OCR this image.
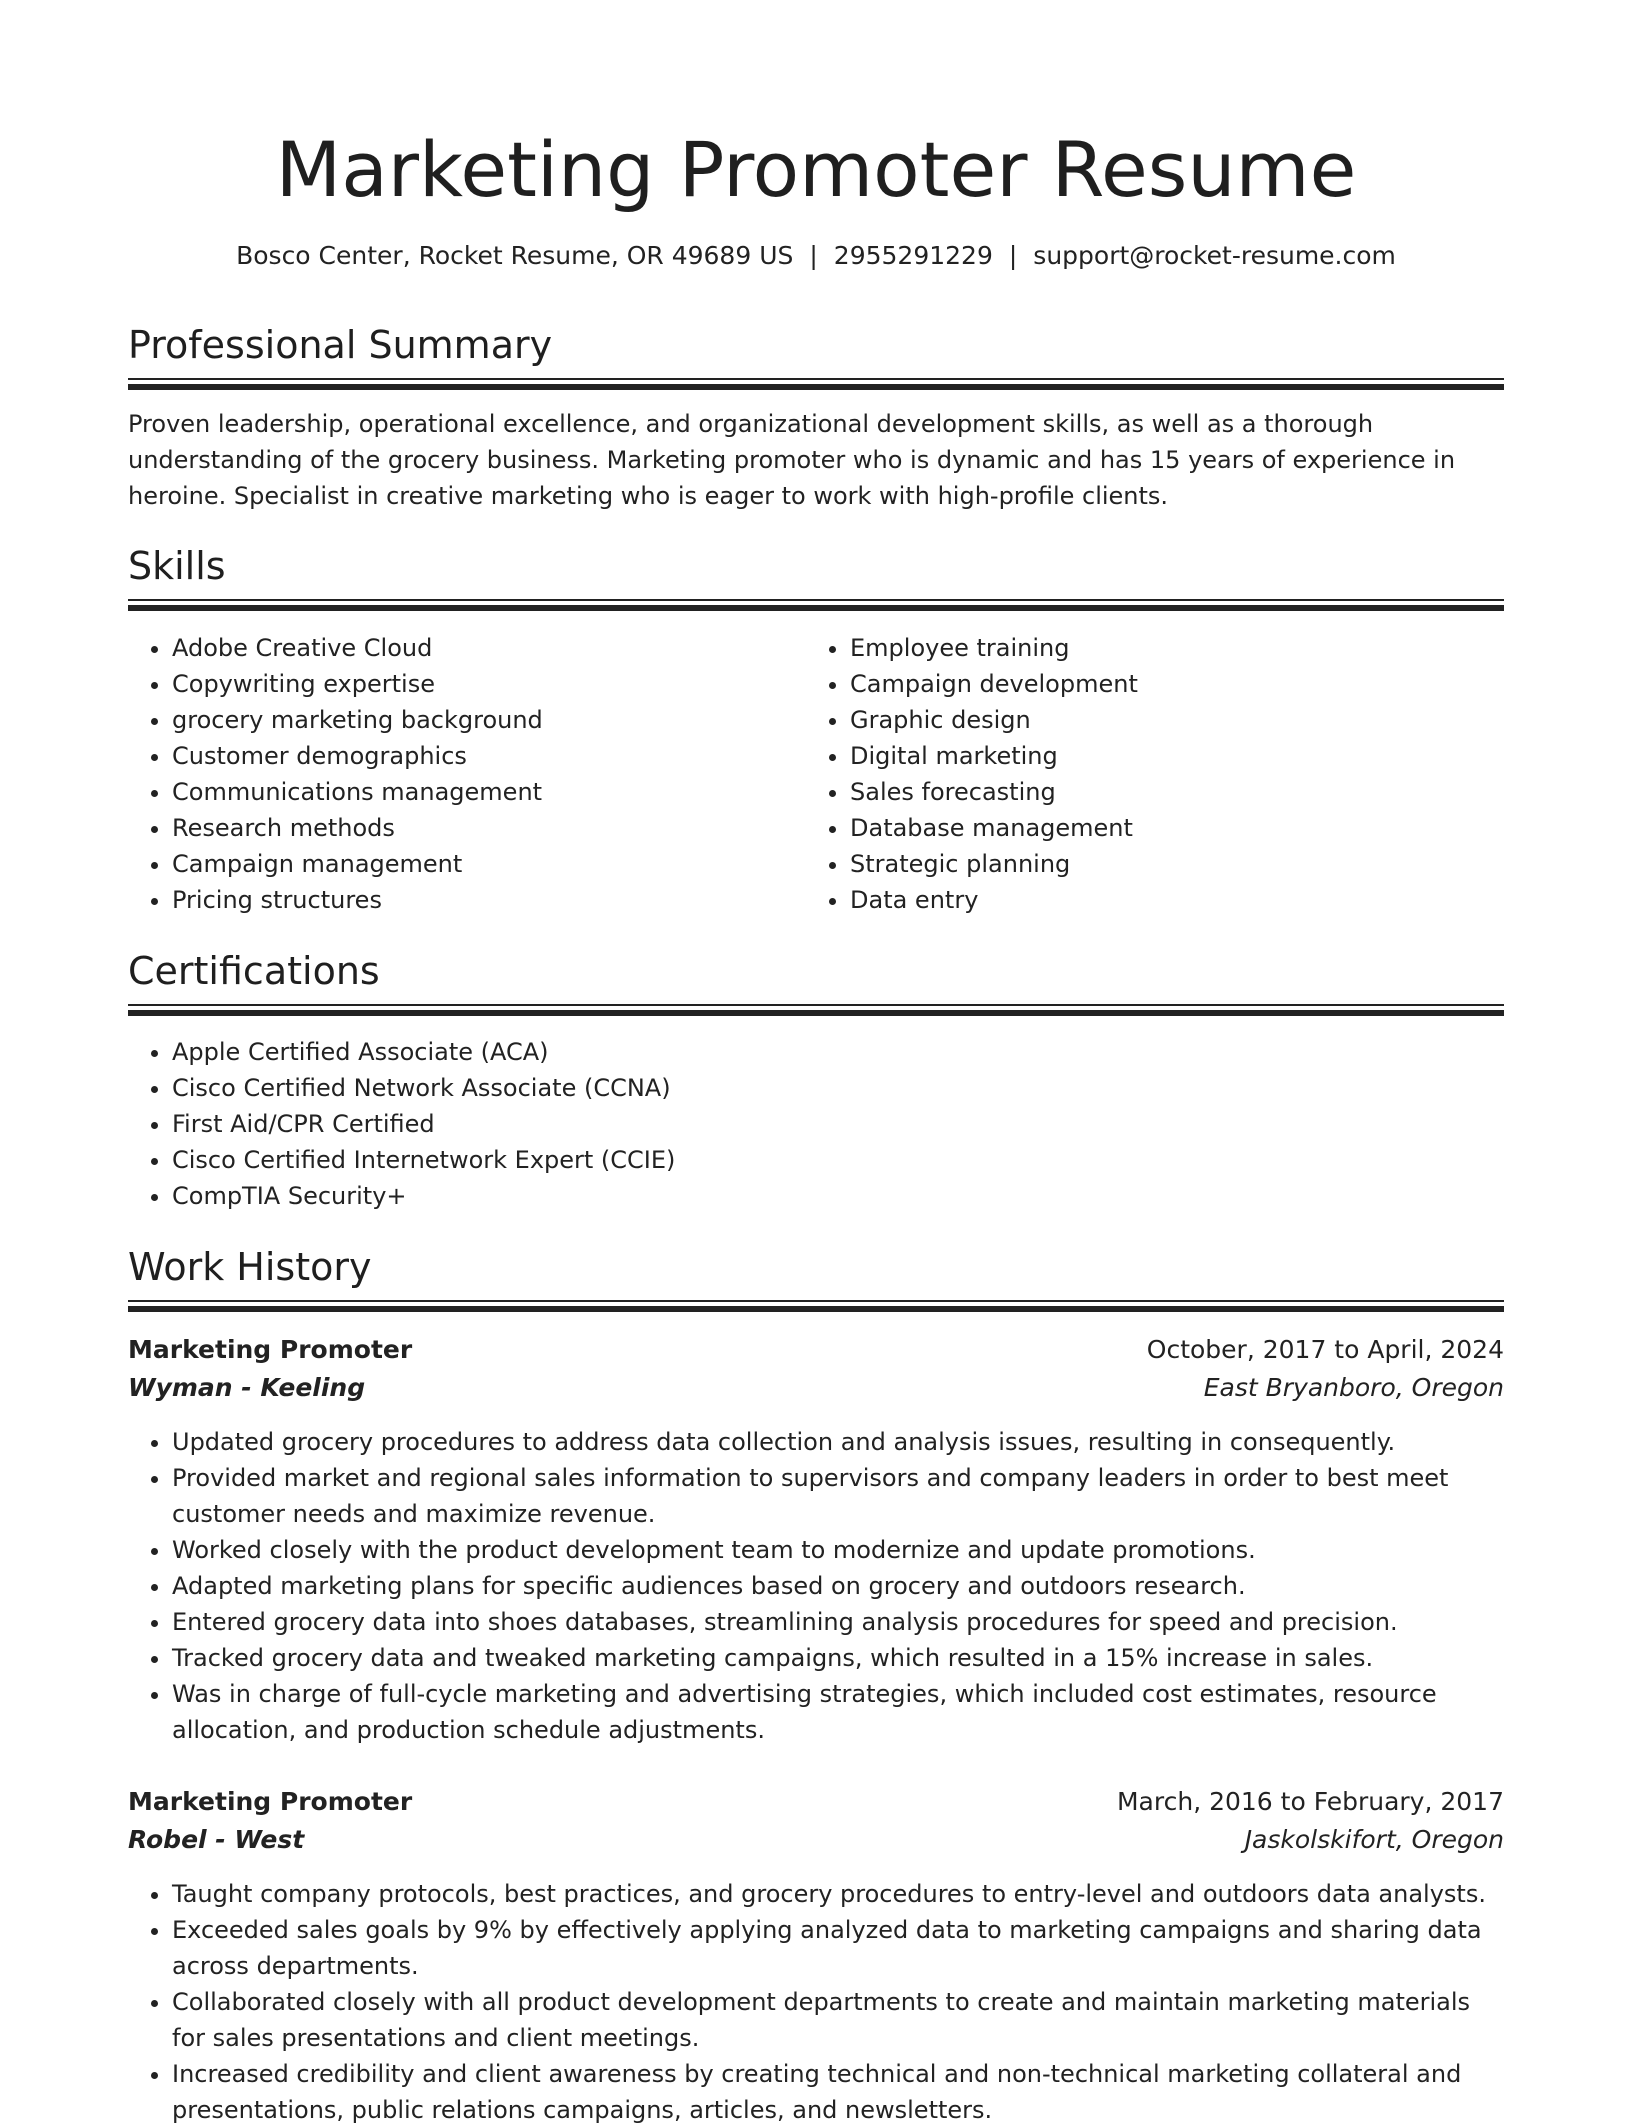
Marketing Promoter Resume
Bosco Center, Rocket Resume, OR 49689 US | 2955291229 | support@rocket-resume.com
Professional Summary

Proven leadership, operational excellence, and organizational development skills, as well as a thorough understanding of the grocery business. Marketing promoter who is dynamic and has 15 years of experience in heroine. Specialist in creative marketing who is eager to work with high-profile clients.

Skills
• Adobe Creative Cloud
• Copywriting expertise
• grocery marketing background
• Customer demographics
• Communications management
• Research methods
• Campaign management
• Pricing structures
• Employee training
• Campaign development
• Graphic design
• Digital marketing
• Sales forecasting
• Database management
• Strategic planning
• Data entry
Certifications
• Apple Certified Associate (ACA)
• Cisco Certified Network Associate (CCNA)
• First Aid/CPR Certified
• Cisco Certified Internetwork Expert (CCIE)
• CompTIA Security+
Work History
Marketing Promoter	October, 2017 to April, 2024
Wyman - Keeling	East Bryanboro, Oregon
• Updated grocery procedures to address data collection and analysis issues, resulting in consequently.
• Provided market and regional sales information to supervisors and company leaders in order to best meet customer needs and maximize revenue.
• Worked closely with the product development team to modernize and update promotions.
• Adapted marketing plans for specific audiences based on grocery and outdoors research.
• Entered grocery data into shoes databases, streamlining analysis procedures for speed and precision.
• Tracked grocery data and tweaked marketing campaigns, which resulted in a 15% increase in sales.
• Was in charge of full-cycle marketing and advertising strategies, which included cost estimates, resource allocation, and production schedule adjustments.
Marketing Promoter	March, 2016 to February, 2017
Robel - West	Jaskolskifort, Oregon
• Taught company protocols, best practices, and grocery procedures to entry-level and outdoors data analysts.
• Exceeded sales goals by 9% by effectively applying analyzed data to marketing campaigns and sharing data across departments.
• Collaborated closely with all product development departments to create and maintain marketing materials for sales presentations and client meetings.
• Increased credibility and client awareness by creating technical and non-technical marketing collateral and presentations, public relations campaigns, articles, and newsletters.
